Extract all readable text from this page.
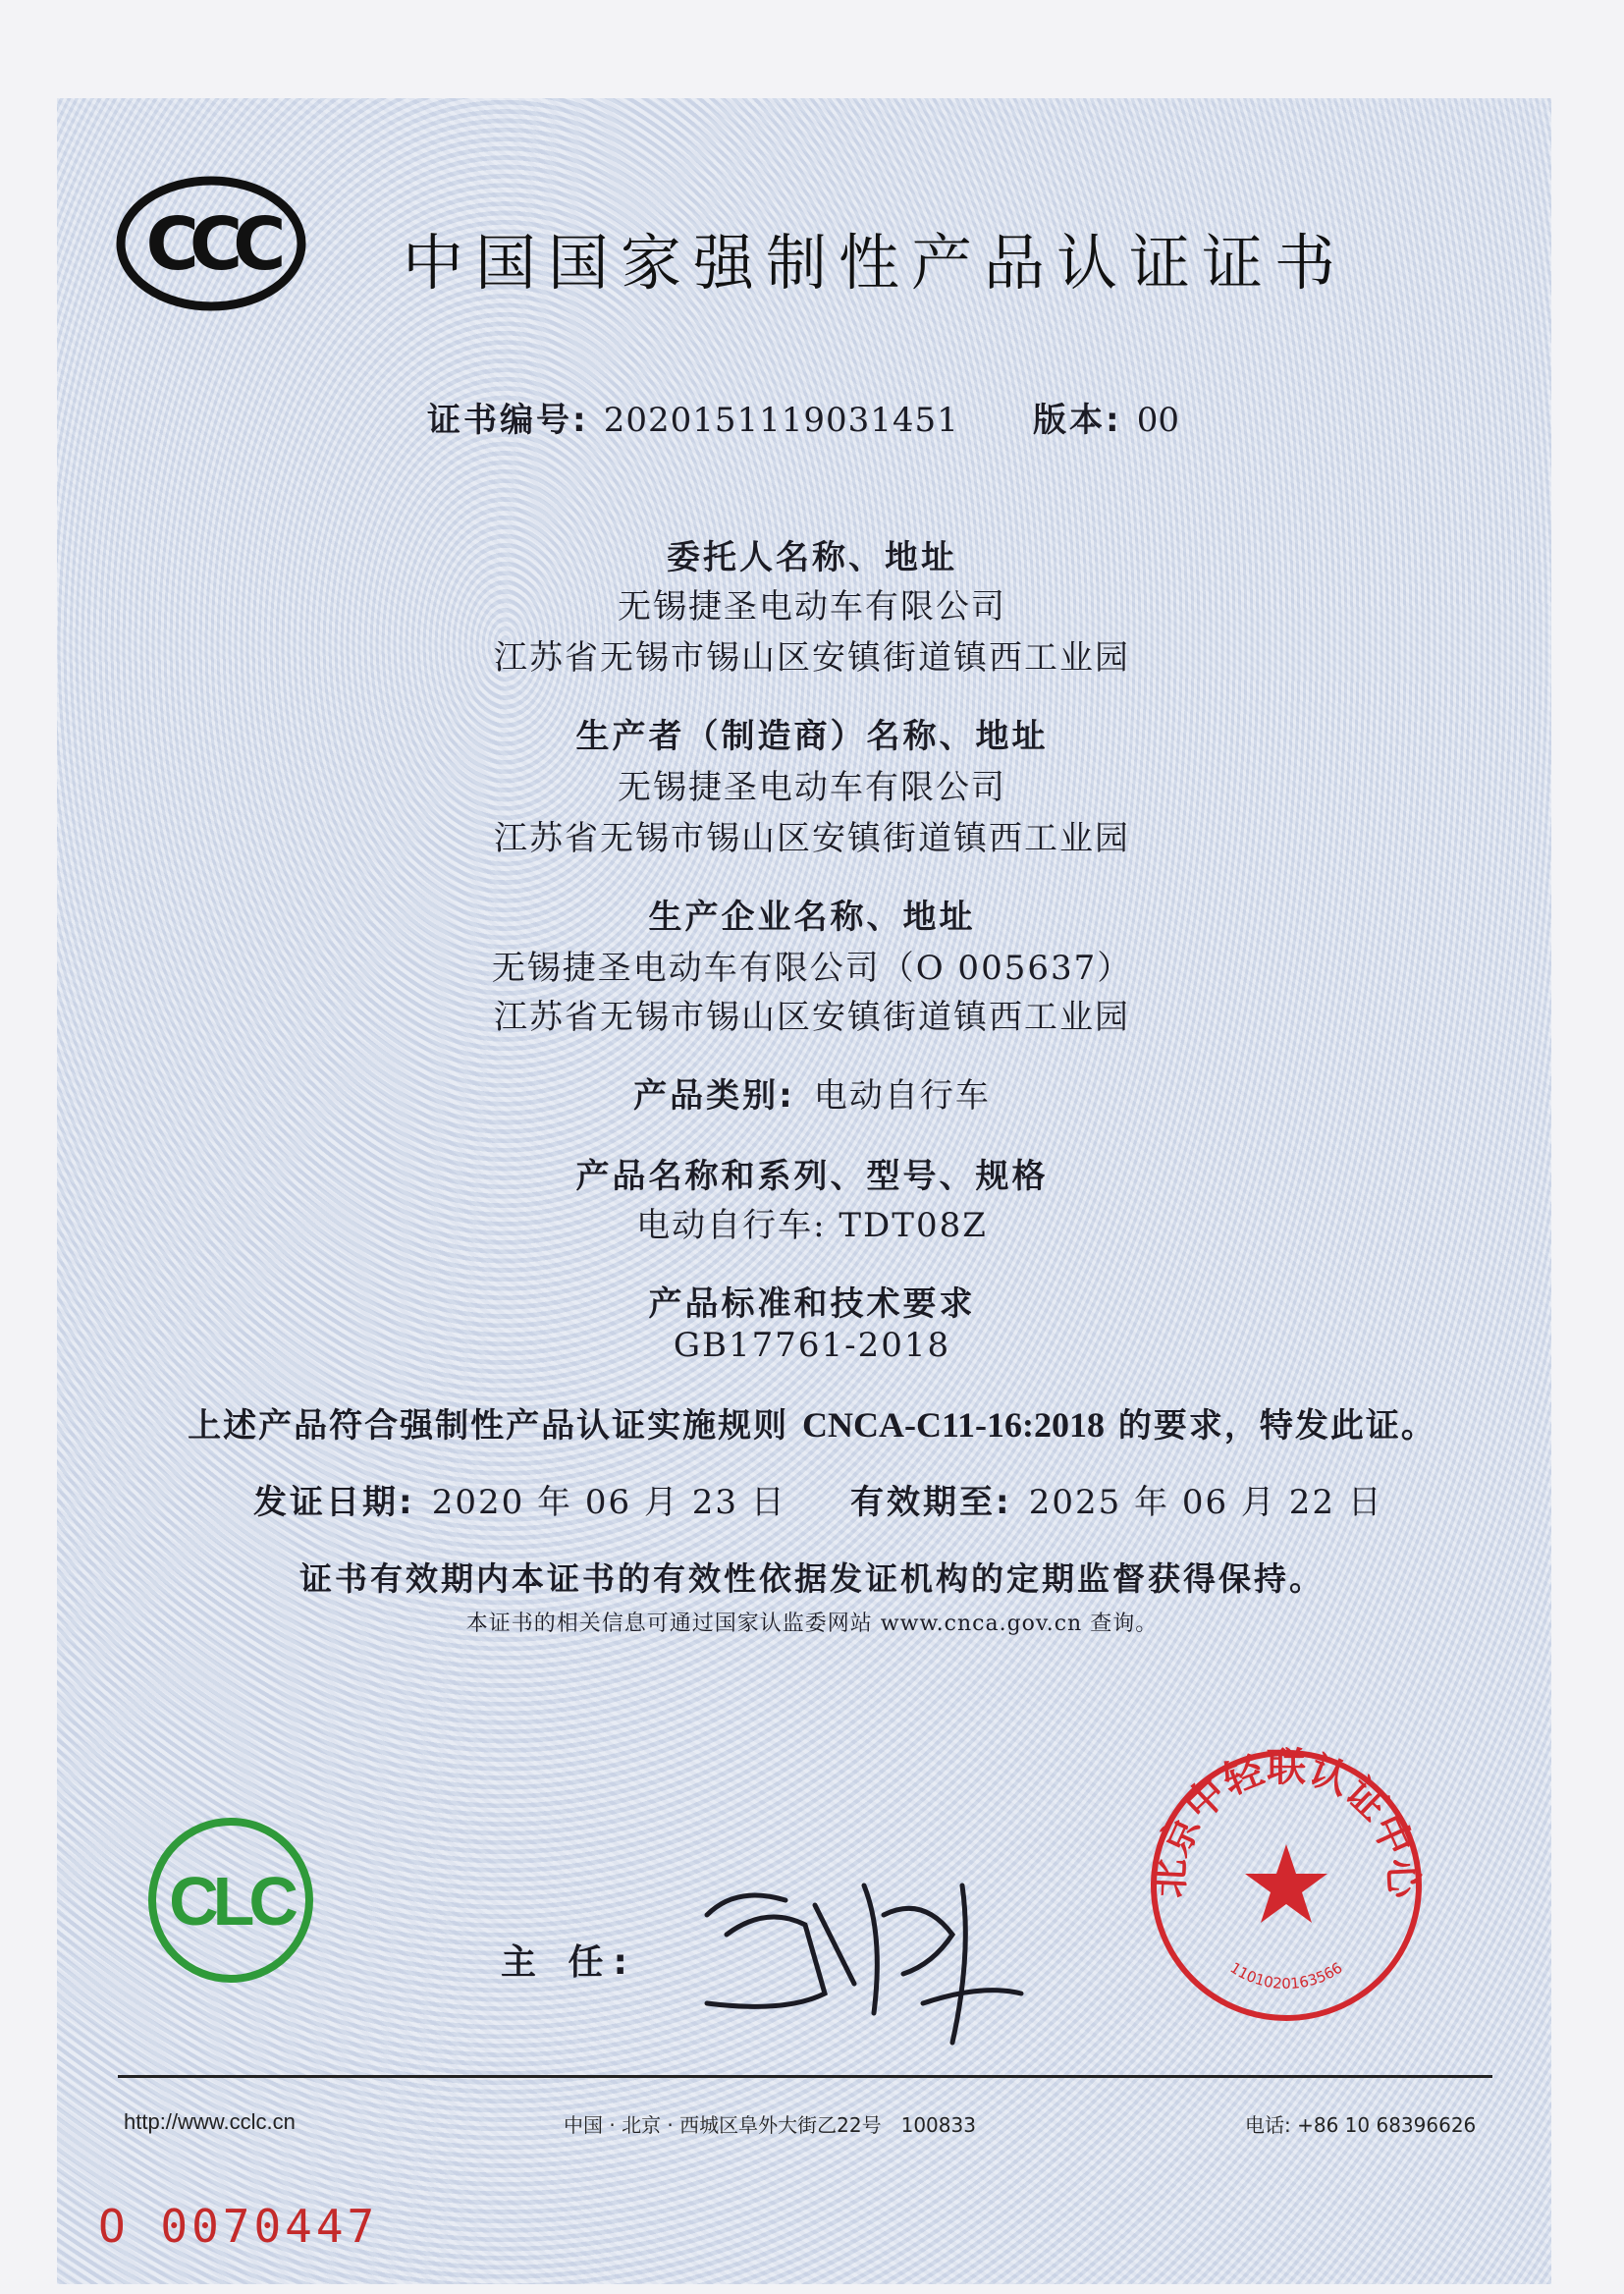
CCC 中国国家强制性产品认证证书
证书编号: 2020151119031451 版本: 00
委托人名称、地址
无锡捷圣电动车有限公司
江苏省无锡市锡山区安镇街道镇西工业园
生产者（制造商）名称、地址
无锡捷圣电动车有限公司
江苏省无锡市锡山区安镇街道镇西工业园
生产企业名称、地址
无锡捷圣电动车有限公司（O 005637）
江苏省无锡市锡山区安镇街道镇西工业园
产品类别: 电动自行车
产品名称和系列、型号、规格
电动自行车: TDT08Z
产品标准和技术要求
GB17761-2018
上述产品符合强制性产品认证实施规则 CNCA-C11-16:2018 的要求，特发此证。
发证日期: 2020 年 06 月 23 日 有效期至: 2025 年 06 月 22 日
证书有效期内本证书的有效性依据发证机构的定期监督获得保持。
本证书的相关信息可通过国家认监委网站 www.cnca.gov.cn 查询。
CLC
主 任:
王赖新
北京中轻联认证中心
1101020163566
http://www.cclc.cn	中国 · 北京 · 西城区阜外大街乙22号　100833	电话: +86 10 68396626
O 0070447
